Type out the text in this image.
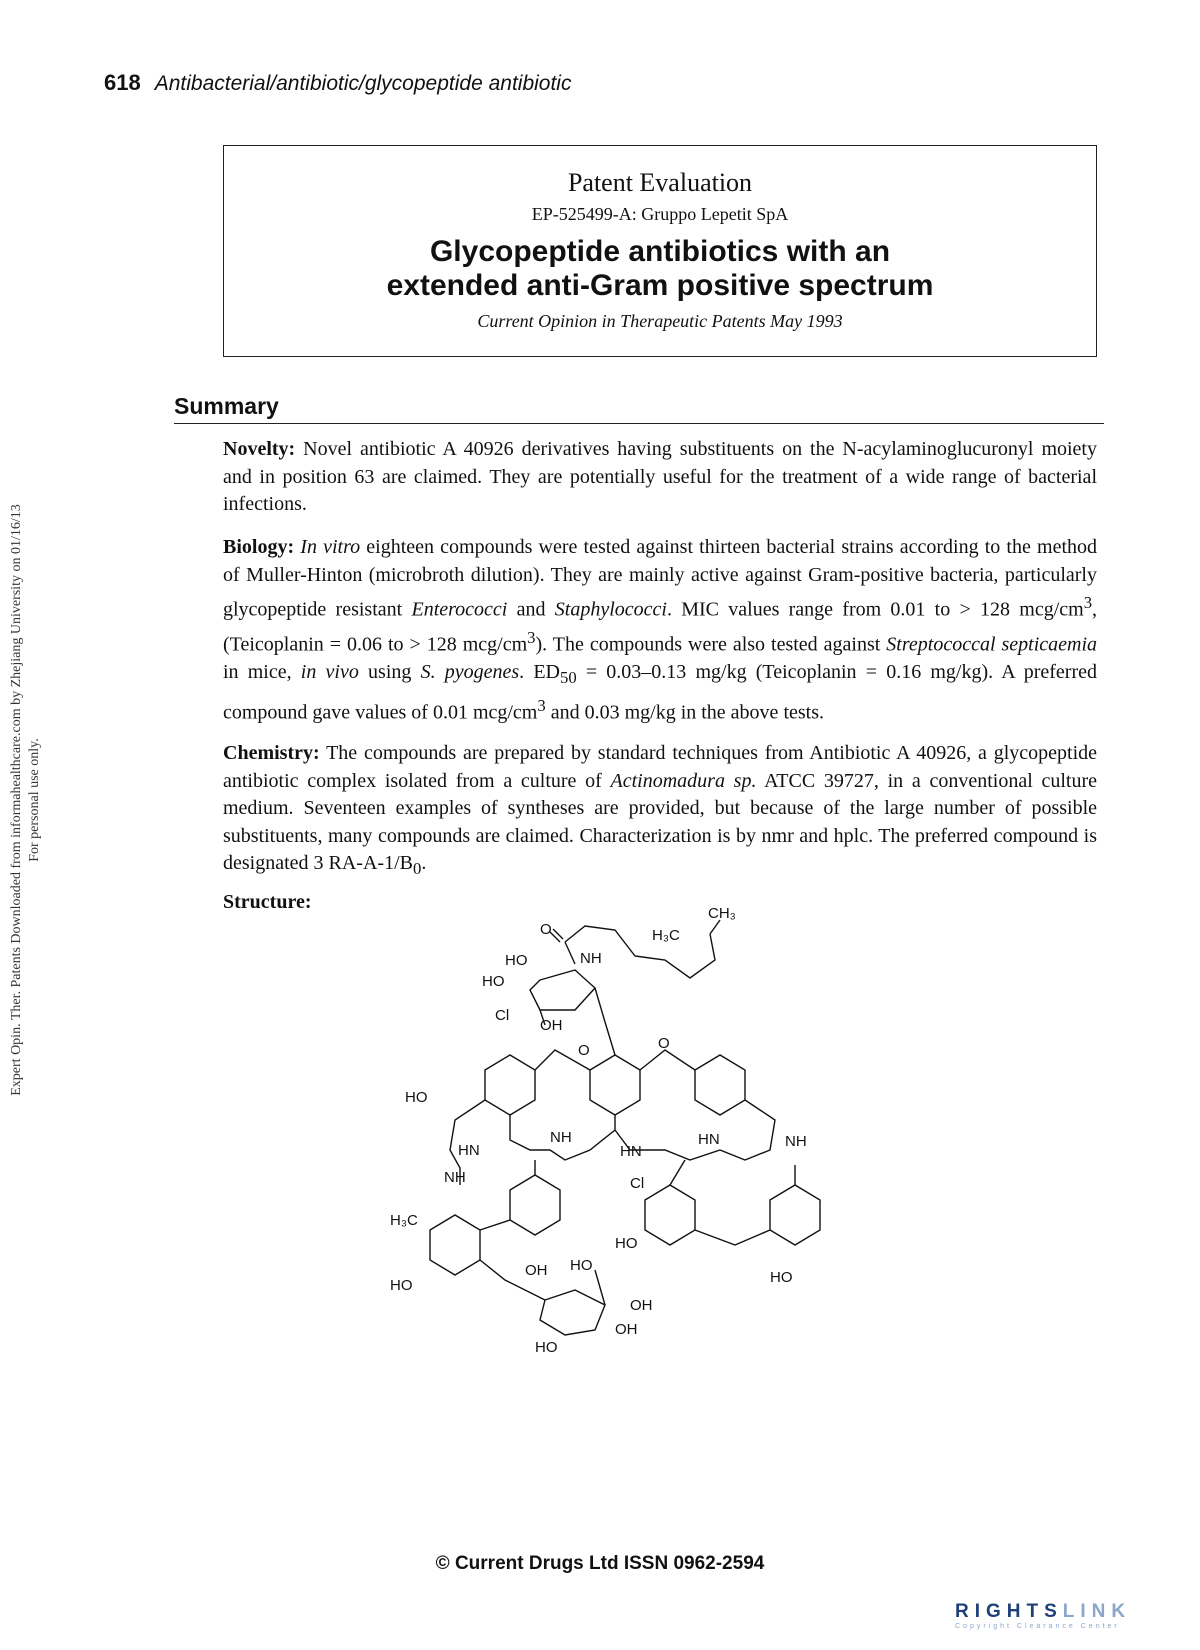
618 Antibacterial/antibiotic/glycopeptide antibiotic
Expert Opin. Ther. Patents Downloaded from informahealthcare.com by Zhejiang University on 01/16/13 For personal use only.
Patent Evaluation
EP-525499-A: Gruppo Lepetit SpA
Glycopeptide antibiotics with an
extended anti-Gram positive spectrum
Current Opinion in Therapeutic Patents May 1993
Summary
Novelty: Novel antibiotic A 40926 derivatives having substituents on the N-acylaminoglucuronyl moiety and in position 63 are claimed. They are potentially useful for the treatment of a wide range of bacterial infections.
Biology: In vitro eighteen compounds were tested against thirteen bacterial strains according to the method of Muller-Hinton (microbroth dilution). They are mainly active against Gram-positive bacteria, particularly glycopeptide resistant Enterococci and Staphylococci. MIC values range from 0.01 to > 128 mcg/$cm^3$, (Teicoplanin = 0.06 to > 128 mcg/$cm^3$). The compounds were also tested against Streptococcal septicaemia in mice, in vivo using S. pyogenes. $ED_{50} = 0.03-0.13$ mg/kg (Teicoplanin = 0.16 mg/kg). A preferred compound gave values of 0.01 mcg/$cm^3$ and 0.03 mg/kg in the above tests.
Chemistry: The compounds are prepared by standard techniques from Antibiotic A 40926, a glycopeptide antibiotic complex isolated from a culture of Actinomadura sp. ATCC 39727, in a conventional culture medium. Seventeen examples of syntheses are provided, but because of the large number of possible substituents, many compounds are claimed. Characterization is by nmr and hplc. The preferred compound is designated 3 $RA-A-1/B_0$.
Structure:
CH₃
O
NH
HO
HO
OH
Cl
O	O
HO
HN
NH
HN
HN	NH
NH
H₃C
Cl
HO
OH HO
HO	HO
OH
OH
HO
H₃C
© Current Drugs Ltd ISSN 0962-2594
RIGHTSLINK
Copyright Clearance Center
